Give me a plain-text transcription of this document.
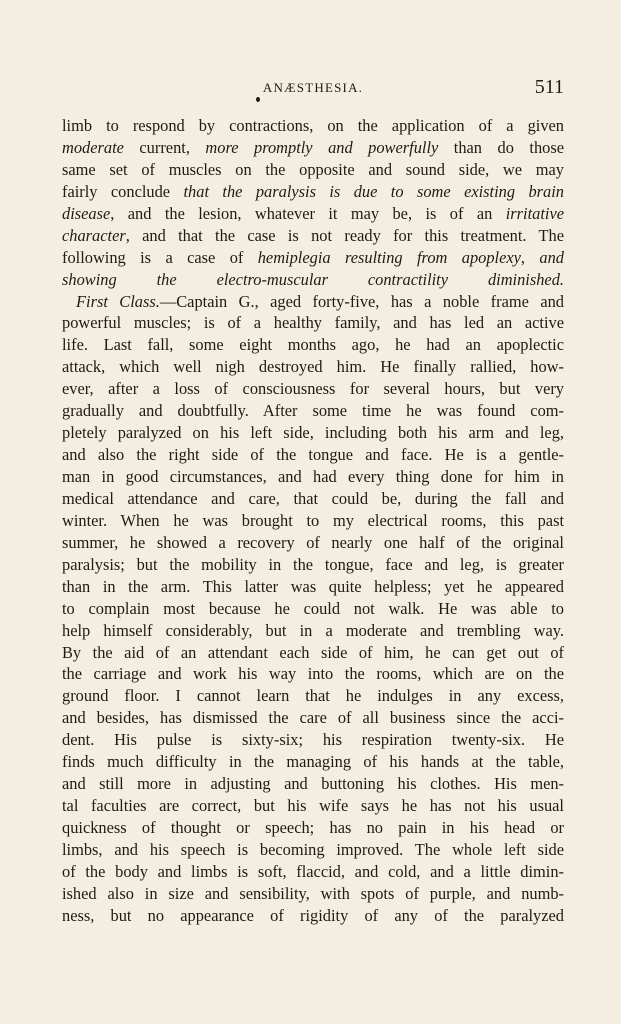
ANÆSTHESIA.	511
limb to respond by contractions, on the application of a given
moderate current, more promptly and powerfully than do those
same set of muscles on the opposite and sound side, we may
fairly conclude that the paralysis is due to some existing brain
disease, and the lesion, whatever it may be, is of an irritative
character, and that the case is not ready for this treatment. The
following is a case of hemiplegia resulting from apoplexy, and
showing the electro-muscular contractility diminished.
First Class.—Captain G., aged forty-five, has a noble frame and
powerful muscles; is of a healthy family, and has led an active
life. Last fall, some eight months ago, he had an apoplectic
attack, which well nigh destroyed him. He finally rallied, how-
ever, after a loss of consciousness for several hours, but very
gradually and doubtfully. After some time he was found com-
pletely paralyzed on his left side, including both his arm and leg,
and also the right side of the tongue and face. He is a gentle-
man in good circumstances, and had every thing done for him in
medical attendance and care, that could be, during the fall and
winter. When he was brought to my electrical rooms, this past
summer, he showed a recovery of nearly one half of the original
paralysis; but the mobility in the tongue, face and leg, is greater
than in the arm. This latter was quite helpless; yet he appeared
to complain most because he could not walk. He was able to
help himself considerably, but in a moderate and trembling way.
By the aid of an attendant each side of him, he can get out of
the carriage and work his way into the rooms, which are on the
ground floor. I cannot learn that he indulges in any excess,
and besides, has dismissed the care of all business since the acci-
dent. His pulse is sixty-six; his respiration twenty-six. He
finds much difficulty in the managing of his hands at the table,
and still more in adjusting and buttoning his clothes. His men-
tal faculties are correct, but his wife says he has not his usual
quickness of thought or speech; has no pain in his head or
limbs, and his speech is becoming improved. The whole left side
of the body and limbs is soft, flaccid, and cold, and a little dimin-
ished also in size and sensibility, with spots of purple, and numb-
ness, but no appearance of rigidity of any of the paralyzed
